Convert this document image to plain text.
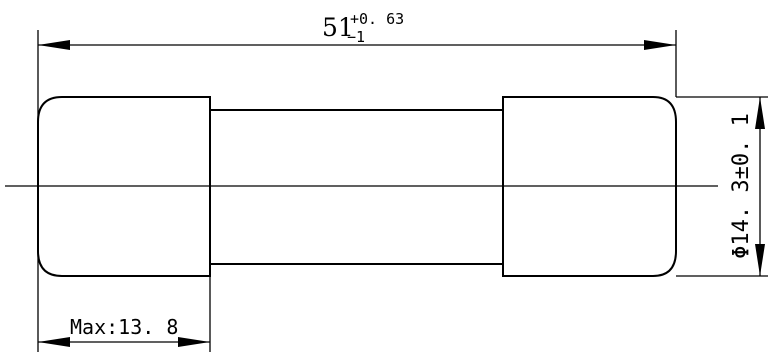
51
+0. 63
−1
Φ14. 3±0. 1
Max:13. 8
